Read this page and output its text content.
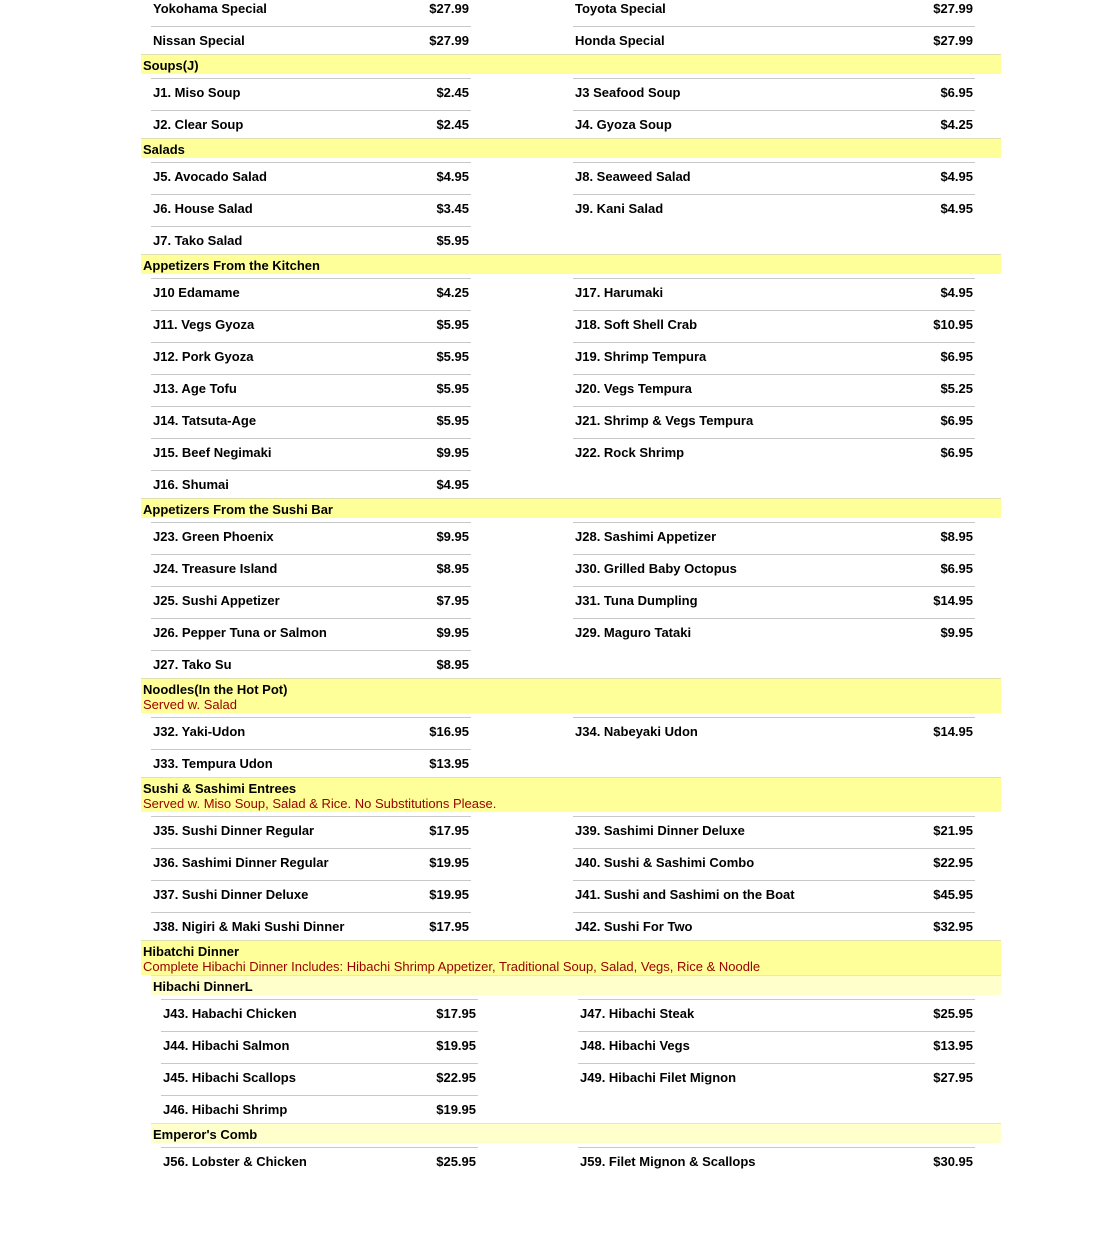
Yokohama Special	$27.99	Toyota Special	$27.99
Nissan Special	$27.99	Honda Special	$27.99
Soups(J)
J1. Miso Soup	$2.45	J3 Seafood Soup	$6.95
J2. Clear Soup	$2.45	J4. Gyoza Soup	$4.25
Salads
J5. Avocado Salad	$4.95	J8. Seaweed Salad	$4.95
J6. House Salad	$3.45	J9. Kani Salad	$4.95
J7. Tako Salad	$5.95
Appetizers From the Kitchen
J10 Edamame	$4.25	J17. Harumaki	$4.95
J11. Vegs Gyoza	$5.95	J18. Soft Shell Crab	$10.95
J12. Pork Gyoza	$5.95	J19. Shrimp Tempura	$6.95
J13. Age Tofu	$5.95	J20. Vegs Tempura	$5.25
J14. Tatsuta-Age	$5.95	J21. Shrimp & Vegs Tempura	$6.95
J15. Beef Negimaki	$9.95	J22. Rock Shrimp	$6.95
J16. Shumai	$4.95
Appetizers From the Sushi Bar
J23. Green Phoenix	$9.95	J28. Sashimi Appetizer	$8.95
J24. Treasure Island	$8.95	J30. Grilled Baby Octopus	$6.95
J25. Sushi Appetizer	$7.95	J31. Tuna Dumpling	$14.95
J26. Pepper Tuna or Salmon	$9.95	J29. Maguro Tataki	$9.95
J27. Tako Su	$8.95
Noodles(In the Hot Pot)
Served w. Salad
J32. Yaki-Udon	$16.95	J34. Nabeyaki Udon	$14.95
J33. Tempura Udon	$13.95
Sushi & Sashimi Entrees
Served w. Miso Soup, Salad & Rice. No Substitutions Please.
J35. Sushi Dinner Regular	$17.95	J39. Sashimi Dinner Deluxe	$21.95
J36. Sashimi Dinner Regular	$19.95	J40. Sushi & Sashimi Combo	$22.95
J37. Sushi Dinner Deluxe	$19.95	J41. Sushi and Sashimi on the Boat	$45.95
J38. Nigiri & Maki Sushi Dinner	$17.95	J42. Sushi For Two	$32.95
Hibatchi Dinner
Complete Hibachi Dinner Includes: Hibachi Shrimp Appetizer, Traditional Soup, Salad, Vegs, Rice & Noodle
Hibachi DinnerL
J43. Habachi Chicken	$17.95	J47. Hibachi Steak	$25.95
J44. Hibachi Salmon	$19.95	J48. Hibachi Vegs	$13.95
J45. Hibachi Scallops	$22.95	J49. Hibachi Filet Mignon	$27.95
J46. Hibachi Shrimp	$19.95
Emperor's Comb
J56. Lobster & Chicken	$25.95	J59. Filet Mignon & Scallops	$30.95
